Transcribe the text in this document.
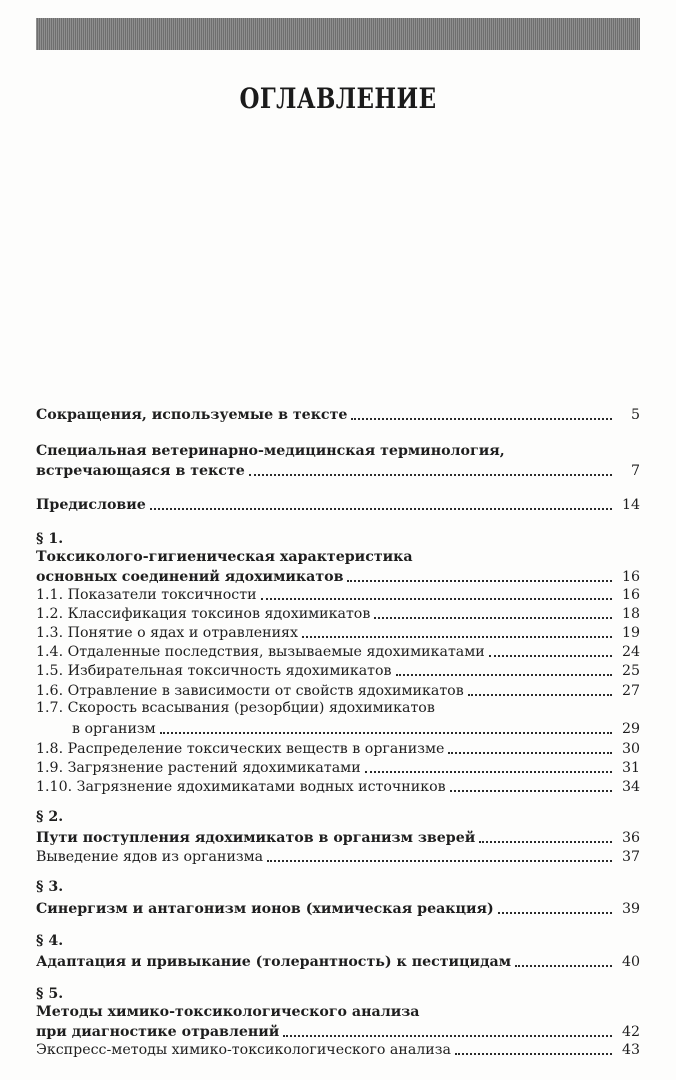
ОГЛАВЛЕНИЕ
Сокращения, используемые в тексте	5
Специальная ветеринарно-медицинская терминология,
встречающаяся в тексте	7
Предисловие	14
§ 1.
Токсиколого-гигиеническая характеристика
основных соединений ядохимикатов	16
1.1. Показатели токсичности	16
1.2. Классификация токсинов ядохимикатов	18
1.3. Понятие о ядах и отравлениях	19
1.4. Отдаленные последствия, вызываемые ядохимикатами	24
1.5. Избирательная токсичность ядохимикатов	25
1.6. Отравление в зависимости от свойств ядохимикатов	27
1.7. Скорость всасывания (резорбции) ядохимикатов
в организм	29
1.8. Распределение токсических веществ в организме	30
1.9. Загрязнение растений ядохимикатами	31
1.10. Загрязнение ядохимикатами водных источников	34
§ 2.
Пути поступления ядохимикатов в организм зверей	36
Выведение ядов из организма	37
§ 3.
Синергизм и антагонизм ионов (химическая реакция)	39
§ 4.
Адаптация и привыкание (толерантность) к пестицидам	40
§ 5.
Методы химико-токсикологического анализа
при диагностике отравлений	42
Экспресс-методы химико-токсикологического анализа	43
